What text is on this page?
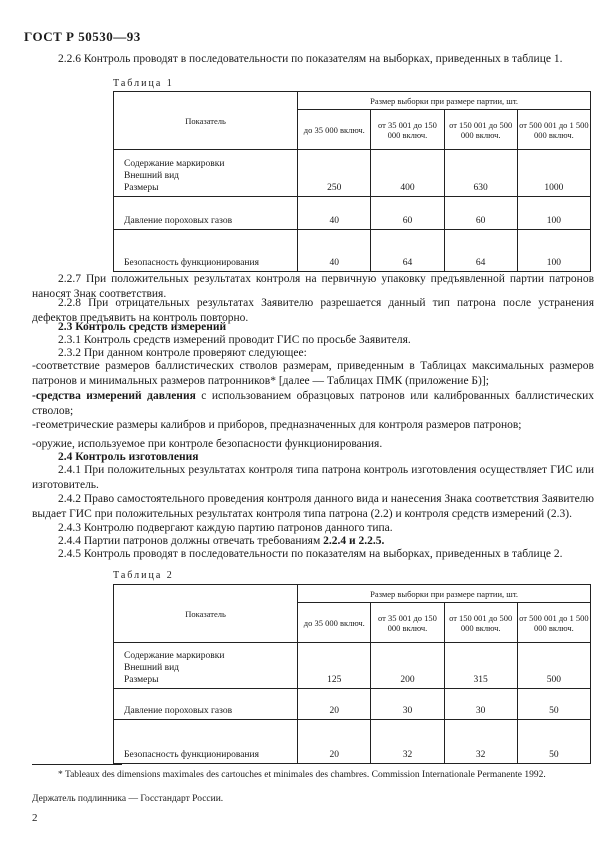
ГОСТ Р 50530—93
2.2.6 Контроль проводят в последовательности по показателям на выборках, приведенных в таблице 1.
Таблица 1
Показатель	Размер выборки при размере партии, шт.			
	до 35 000 включ.	от 35 001 до 150 000 включ.	от 150 001 до 500 000 включ.	от 500 001 до 1 500 000 включ.
Содержание маркировки
Внешний вид
Размеры	250	400	630	1000
Давление пороховых газов	40	60	60	100
Безопасность функционирования	40	64	64	100
2.2.7 При положительных результатах контроля на первичную упаковку предъявленной партии патронов наносят Знак соответствия.
2.2.8 При отрицательных результатах Заявителю разрешается данный тип патрона после устранения дефектов предъявить на контроль повторно.
2.3 Контроль средств измерений
2.3.1 Контроль средств измерений проводит ГИС по просьбе Заявителя.
2.3.2 При данном контроле проверяют следующее:
-соответствие размеров баллистических стволов размерам, приведенным в Таблицах максимальных размеров патронов и минимальных размеров патронников* [далее — Таблицах ПМК (приложение Б)];
-средства измерений давления с использованием образцовых патронов или калиброванных баллистических стволов;
-геометрические размеры калибров и приборов, предназначенных для контроля размеров патронов;
-оружие, используемое при контроле безопасности функционирования.
2.4 Контроль изготовления
2.4.1 При положительных результатах контроля типа патрона контроль изготовления осуществляет ГИС или изготовитель.
2.4.2 Право самостоятельного проведения контроля данного вида и нанесения Знака соответствия Заявителю выдает ГИС при положительных результатах контроля типа патрона (2.2) и контроля средств измерений (2.3).
2.4.3 Контролю подвергают каждую партию патронов данного типа.
2.4.4 Партии патронов должны отвечать требованиям 2.2.4 и 2.2.5.
2.4.5 Контроль проводят в последовательности по показателям на выборках, приведенных в таблице 2.
Таблица 2
Показатель	Размер выборки при размере партии, шт.			
	до 35 000 включ.	от 35 001 до 150 000 включ.	от 150 001 до 500 000 включ.	от 500 001 до 1 500 000 включ.
Содержание маркировки
Внешний вид
Размеры	125	200	315	500
Давление пороховых газов	20	30	30	50
Безопасность функционирования	20	32	32	50
* Tableaux des dimensions maximales des cartouches et minimales des chambres. Commission Internationale Permanente 1992.
Держатель подлинника — Госстандарт России.
2
